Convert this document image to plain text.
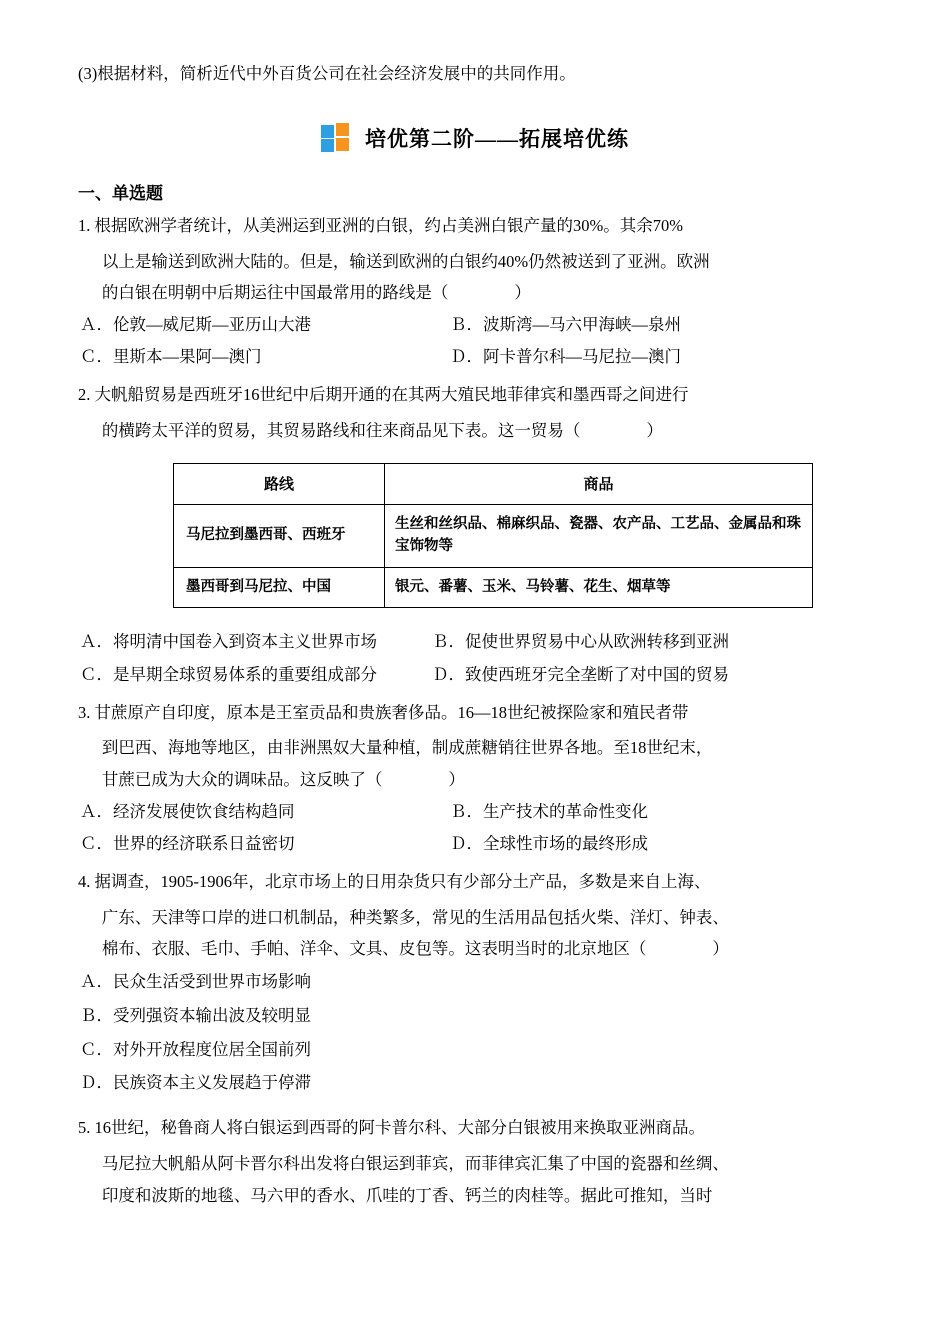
(3)根据材料，简析近代中外百货公司在社会经济发展中的共同作用。
培优第二阶——拓展培优练
一、单选题
1. 根据欧洲学者统计，从美洲运到亚洲的白银，约占美洲白银产量的30%。其余70%
以上是输送到欧洲大陆的。但是，输送到欧洲的白银约40%仍然被送到了亚洲。欧洲
的白银在明朝中后期运往中国最常用的路线是（　　　　）
Ａ．伦敦—威尼斯—亚历山大港	Ｂ．波斯湾—马六甲海峡—泉州
Ｃ．里斯本—果阿—澳门	Ｄ．阿卡普尔科—马尼拉—澳门
2. 大帆船贸易是西班牙16世纪中后期开通的在其两大殖民地菲律宾和墨西哥之间进行
的横跨太平洋的贸易，其贸易路线和往来商品见下表。这一贸易（　　　　）
路线	商品
马尼拉到墨西哥、西班牙	生丝和丝织品、棉麻织品、瓷器、农产品、工艺品、金属品和珠宝饰物等
墨西哥到马尼拉、中国	银元、番薯、玉米、马铃薯、花生、烟草等
Ａ．将明清中国卷入到资本主义世界市场	Ｂ．促使世界贸易中心从欧洲转移到亚洲
Ｃ．是早期全球贸易体系的重要组成部分	Ｄ．致使西班牙完全垄断了对中国的贸易
3. 甘蔗原产自印度，原本是王室贡品和贵族奢侈品。16—18世纪被探险家和殖民者带
到巴西、海地等地区，由非洲黑奴大量种植，制成蔗糖销往世界各地。至18世纪末，
甘蔗已成为大众的调味品。这反映了（　　　　）
Ａ．经济发展使饮食结构趋同	Ｂ．生产技术的革命性变化
Ｃ．世界的经济联系日益密切	Ｄ．全球性市场的最终形成
4. 据调查，1905-1906年，北京市场上的日用杂货只有少部分土产品，多数是来自上海、
广东、天津等口岸的进口机制品，种类繁多，常见的生活用品包括火柴、洋灯、钟表、
棉布、衣服、毛巾、手帕、洋伞、文具、皮包等。这表明当时的北京地区（　　　　）
Ａ．民众生活受到世界市场影响
Ｂ．受列强资本输出波及较明显
Ｃ．对外开放程度位居全国前列
Ｄ．民族资本主义发展趋于停滞
5. 16世纪，秘鲁商人将白银运到西哥的阿卡普尔科、大部分白银被用来换取亚洲商品。
马尼拉大帆船从阿卡晋尔科出发将白银运到菲宾，而菲律宾汇集了中国的瓷器和丝绸、
印度和波斯的地毯、马六甲的香水、爪哇的丁香、钙兰的肉桂等。据此可推知，当时
